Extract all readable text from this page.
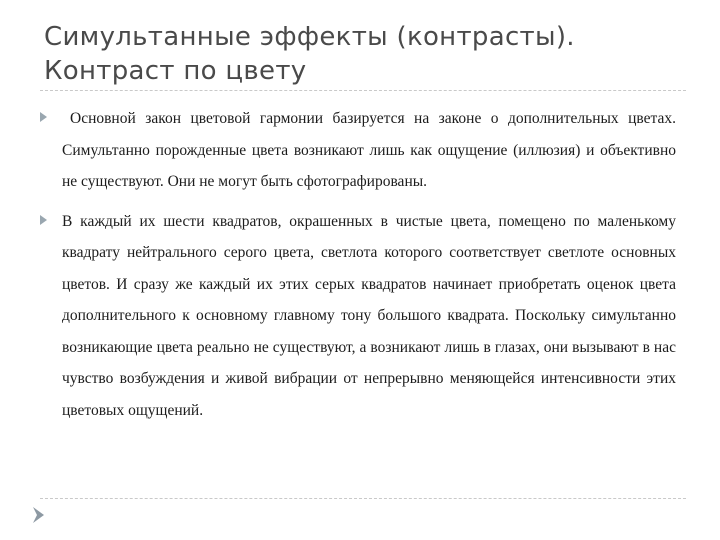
Симультанные эффекты (контрасты). Контраст по цвету
Основной закон цветовой гармонии базируется на законе о дополнительных цветах. Симультанно порожденные цвета возникают лишь как ощущение (иллюзия) и объективно не существуют. Они не могут быть сфотографированы.
В каждый их шести квадратов, окрашенных в чистые цвета, помещено по маленькому квадрату нейтрального серого цвета, светлота которого соответствует светлоте основных цветов. И сразу же каждый их этих серых квадратов начинает приобретать оценок цвета дополнительного к основному главному тону большого квадрата. Поскольку симультанно возникающие цвета реально не существуют, а возникают лишь в глазах, они вызывают в нас чувство возбуждения и живой вибрации от непрерывно меняющейся интенсивности этих цветовых ощущений.
